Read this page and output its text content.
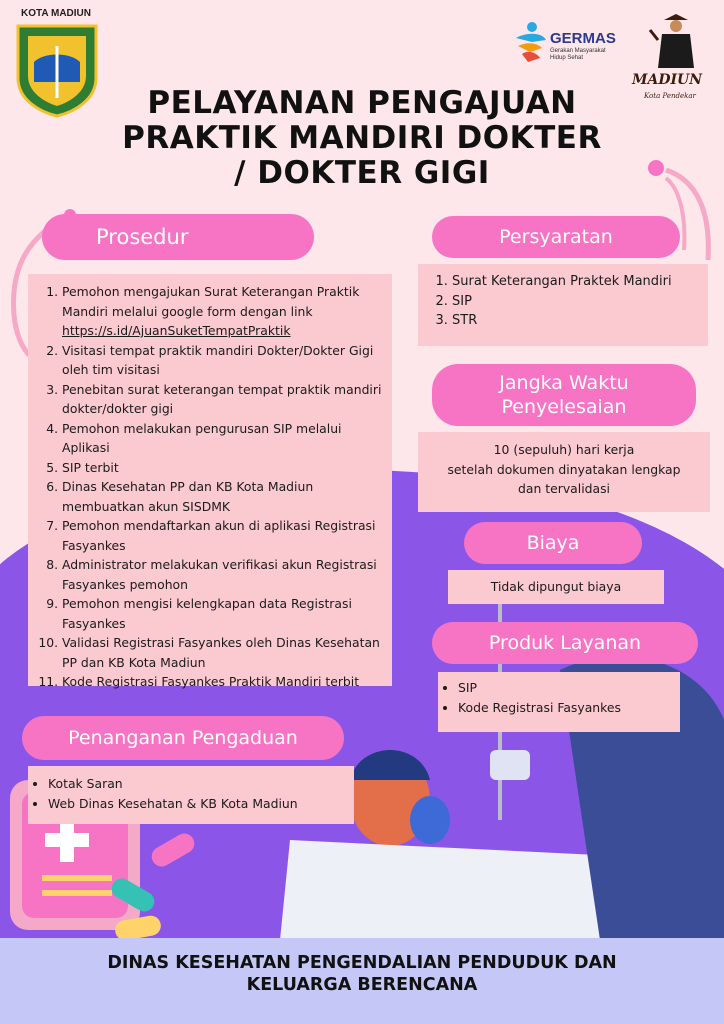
KOTA MADIUN
GERMAS
Gerakan Masyarakat Hidup Sehat
MADIUN
Kota Pendekar
PELAYANAN PENGAJUAN
PRAKTIK MANDIRI DOKTER
/ DOKTER GIGI
Prosedur
1. Pemohon mengajukan Surat Keterangan Praktik Mandiri melalui google form dengan link https://s.id/AjuanSuketTempatPraktik
2. Visitasi tempat praktik mandiri Dokter/Dokter Gigi oleh tim visitasi
3. Penebitan surat keterangan tempat praktik mandiri dokter/dokter gigi
4. Pemohon melakukan pengurusan SIP melalui Aplikasi
5. SIP terbit
6. Dinas Kesehatan PP dan KB Kota Madiun membuatkan akun SISDMK
7. Pemohon mendaftarkan akun di aplikasi Registrasi Fasyankes
8. Administrator melakukan verifikasi akun Registrasi Fasyankes pemohon
9. Pemohon mengisi kelengkapan data Registrasi Fasyankes
10. Validasi Registrasi Fasyankes oleh Dinas Kesehatan PP dan KB Kota Madiun
11. Kode Registrasi Fasyankes Praktik Mandiri terbit
Persyaratan
1. Surat Keterangan Praktek Mandiri
2. SIP
3. STR
Jangka Waktu
Penyelesaian
10 (sepuluh) hari kerja
setelah dokumen dinyatakan lengkap
dan tervalidasi
Biaya
Tidak dipungut biaya
Produk Layanan
• SIP
• Kode Registrasi Fasyankes
Penanganan Pengaduan
• Kotak Saran
• Web Dinas Kesehatan & KB Kota Madiun
DINAS KESEHATAN PENGENDALIAN PENDUDUK DAN
KELUARGA BERENCANA
